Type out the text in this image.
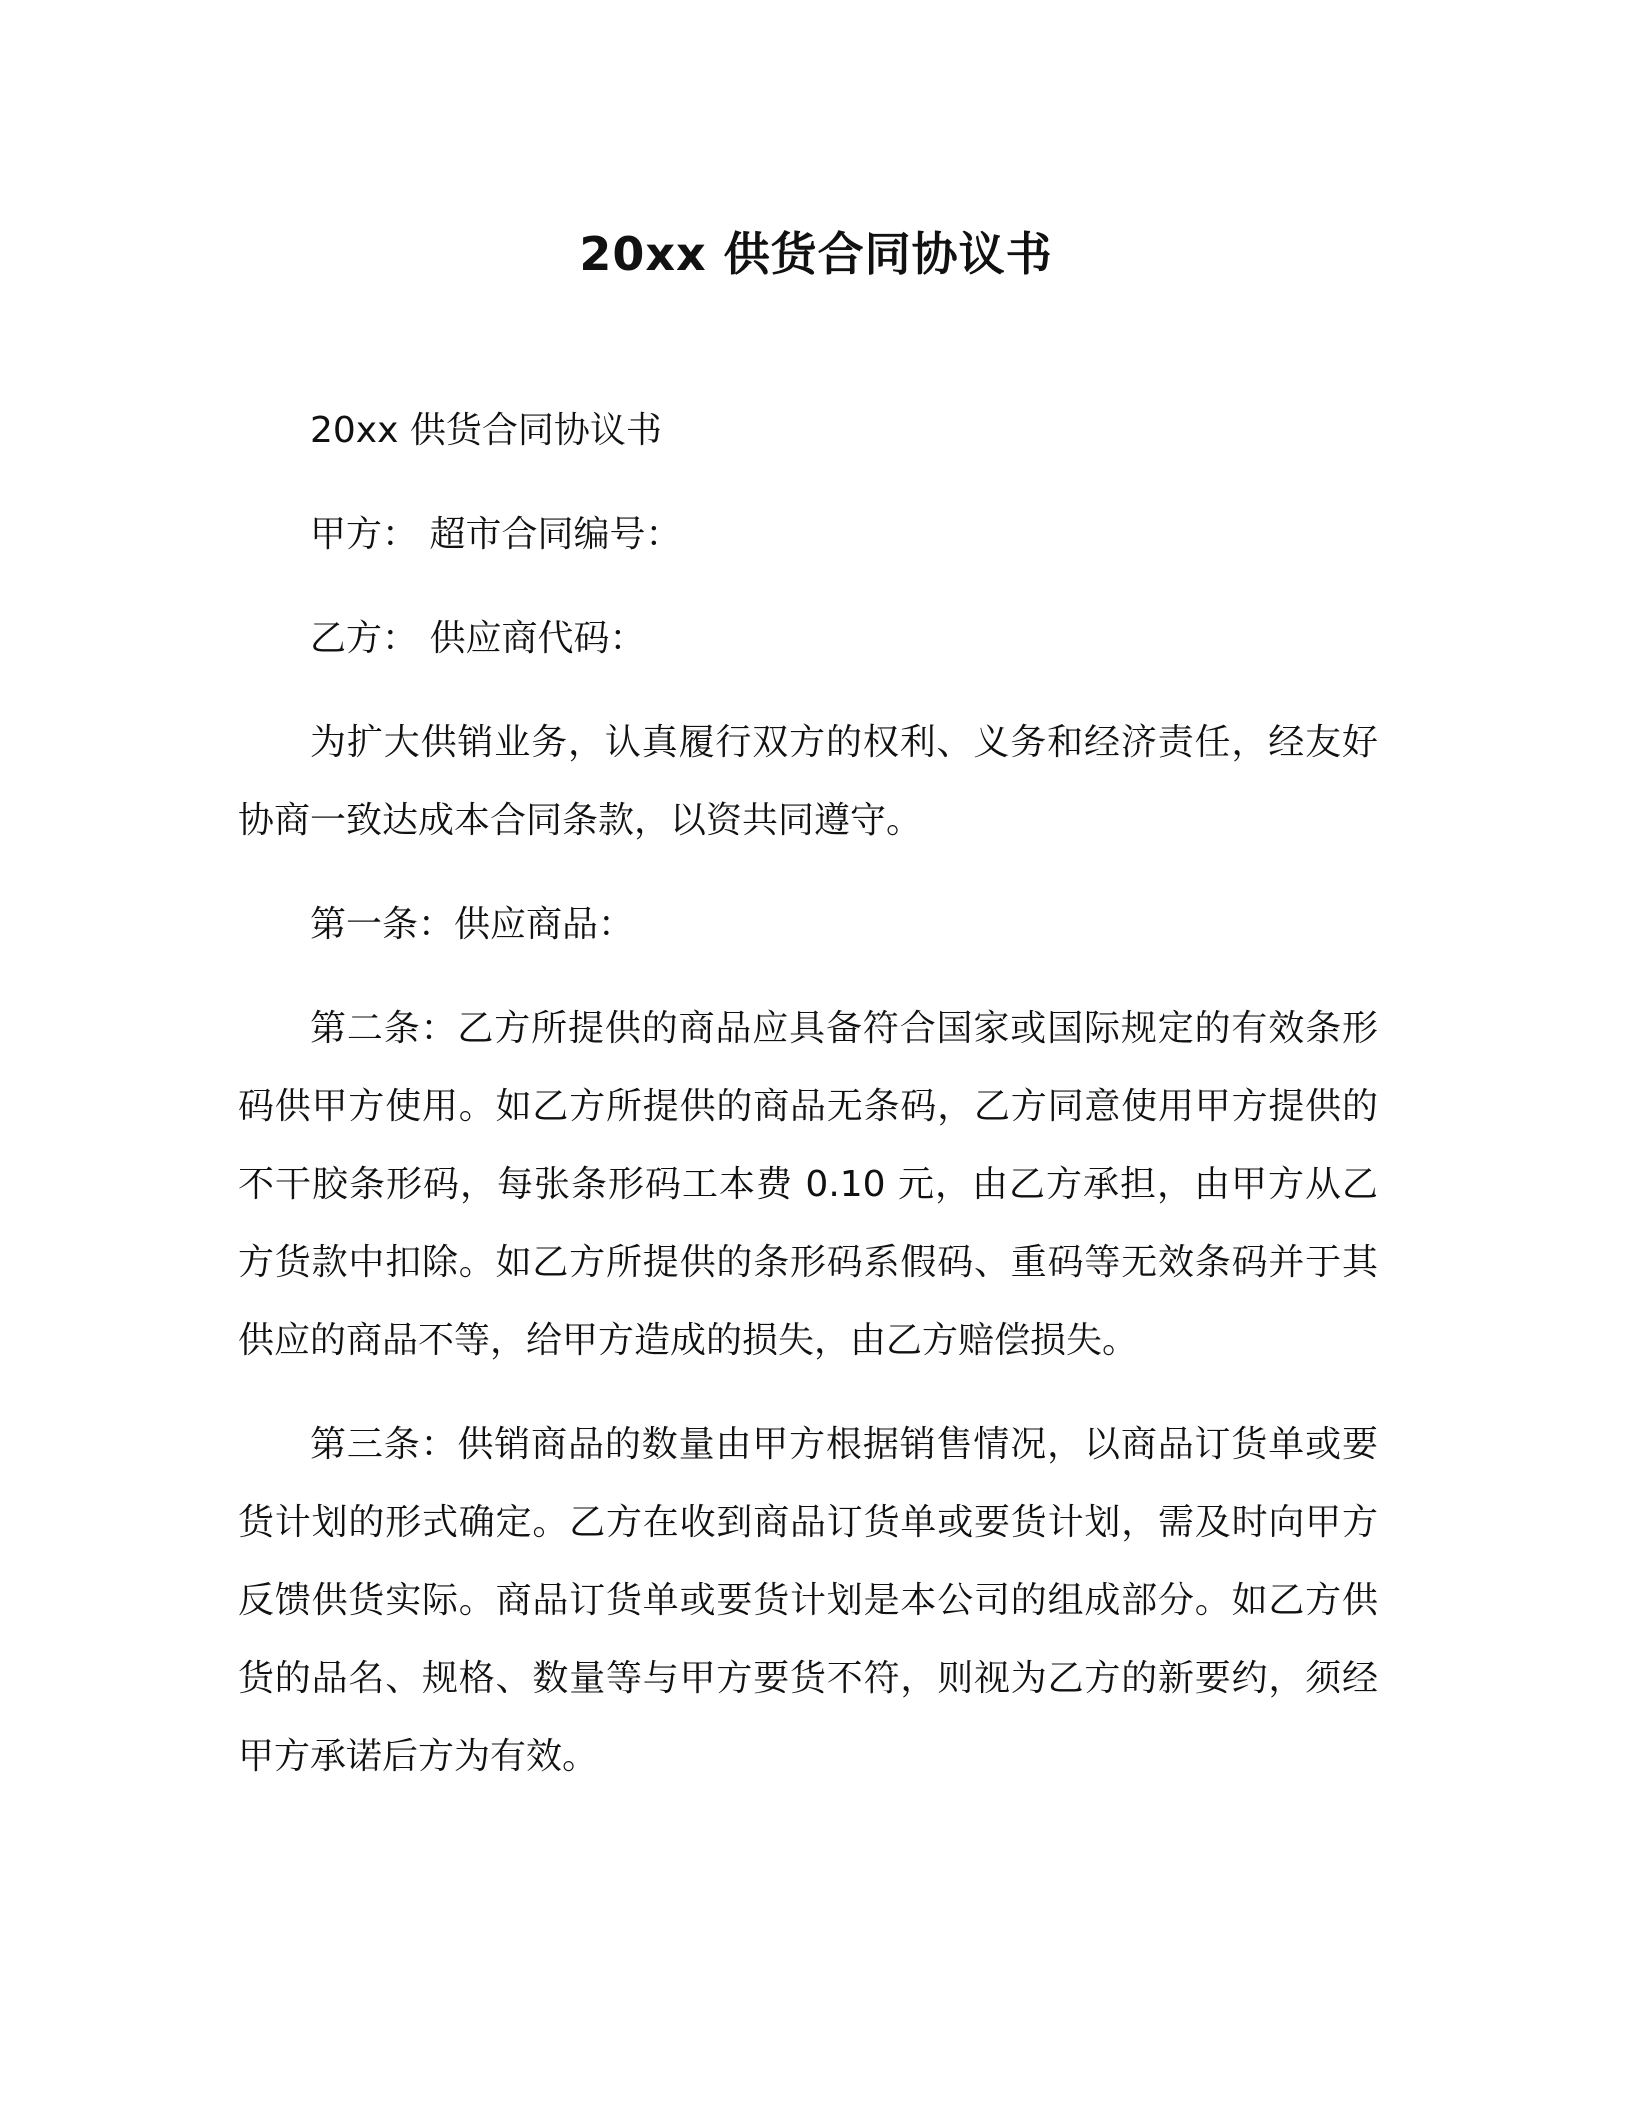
20xx 供货合同协议书

20xx 供货合同协议书

甲方： 超市合同编号：

乙方： 供应商代码：

为扩大供销业务，认真履行双方的权利、义务和经济责任，经友好协商一致达成本合同条款，以资共同遵守。

第一条：供应商品：

第二条：乙方所提供的商品应具备符合国家或国际规定的有效条形码供甲方使用。如乙方所提供的商品无条码，乙方同意使用甲方提供的不干胶条形码，每张条形码工本费 0.10 元，由乙方承担，由甲方从乙方货款中扣除。如乙方所提供的条形码系假码、重码等无效条码并于其供应的商品不等，给甲方造成的损失，由乙方赔偿损失。

第三条：供销商品的数量由甲方根据销售情况，以商品订货单或要货计划的形式确定。乙方在收到商品订货单或要货计划，需及时向甲方反馈供货实际。商品订货单或要货计划是本公司的组成部分。如乙方供货的品名、规格、数量等与甲方要货不符，则视为乙方的新要约，须经甲方承诺后方为有效。
